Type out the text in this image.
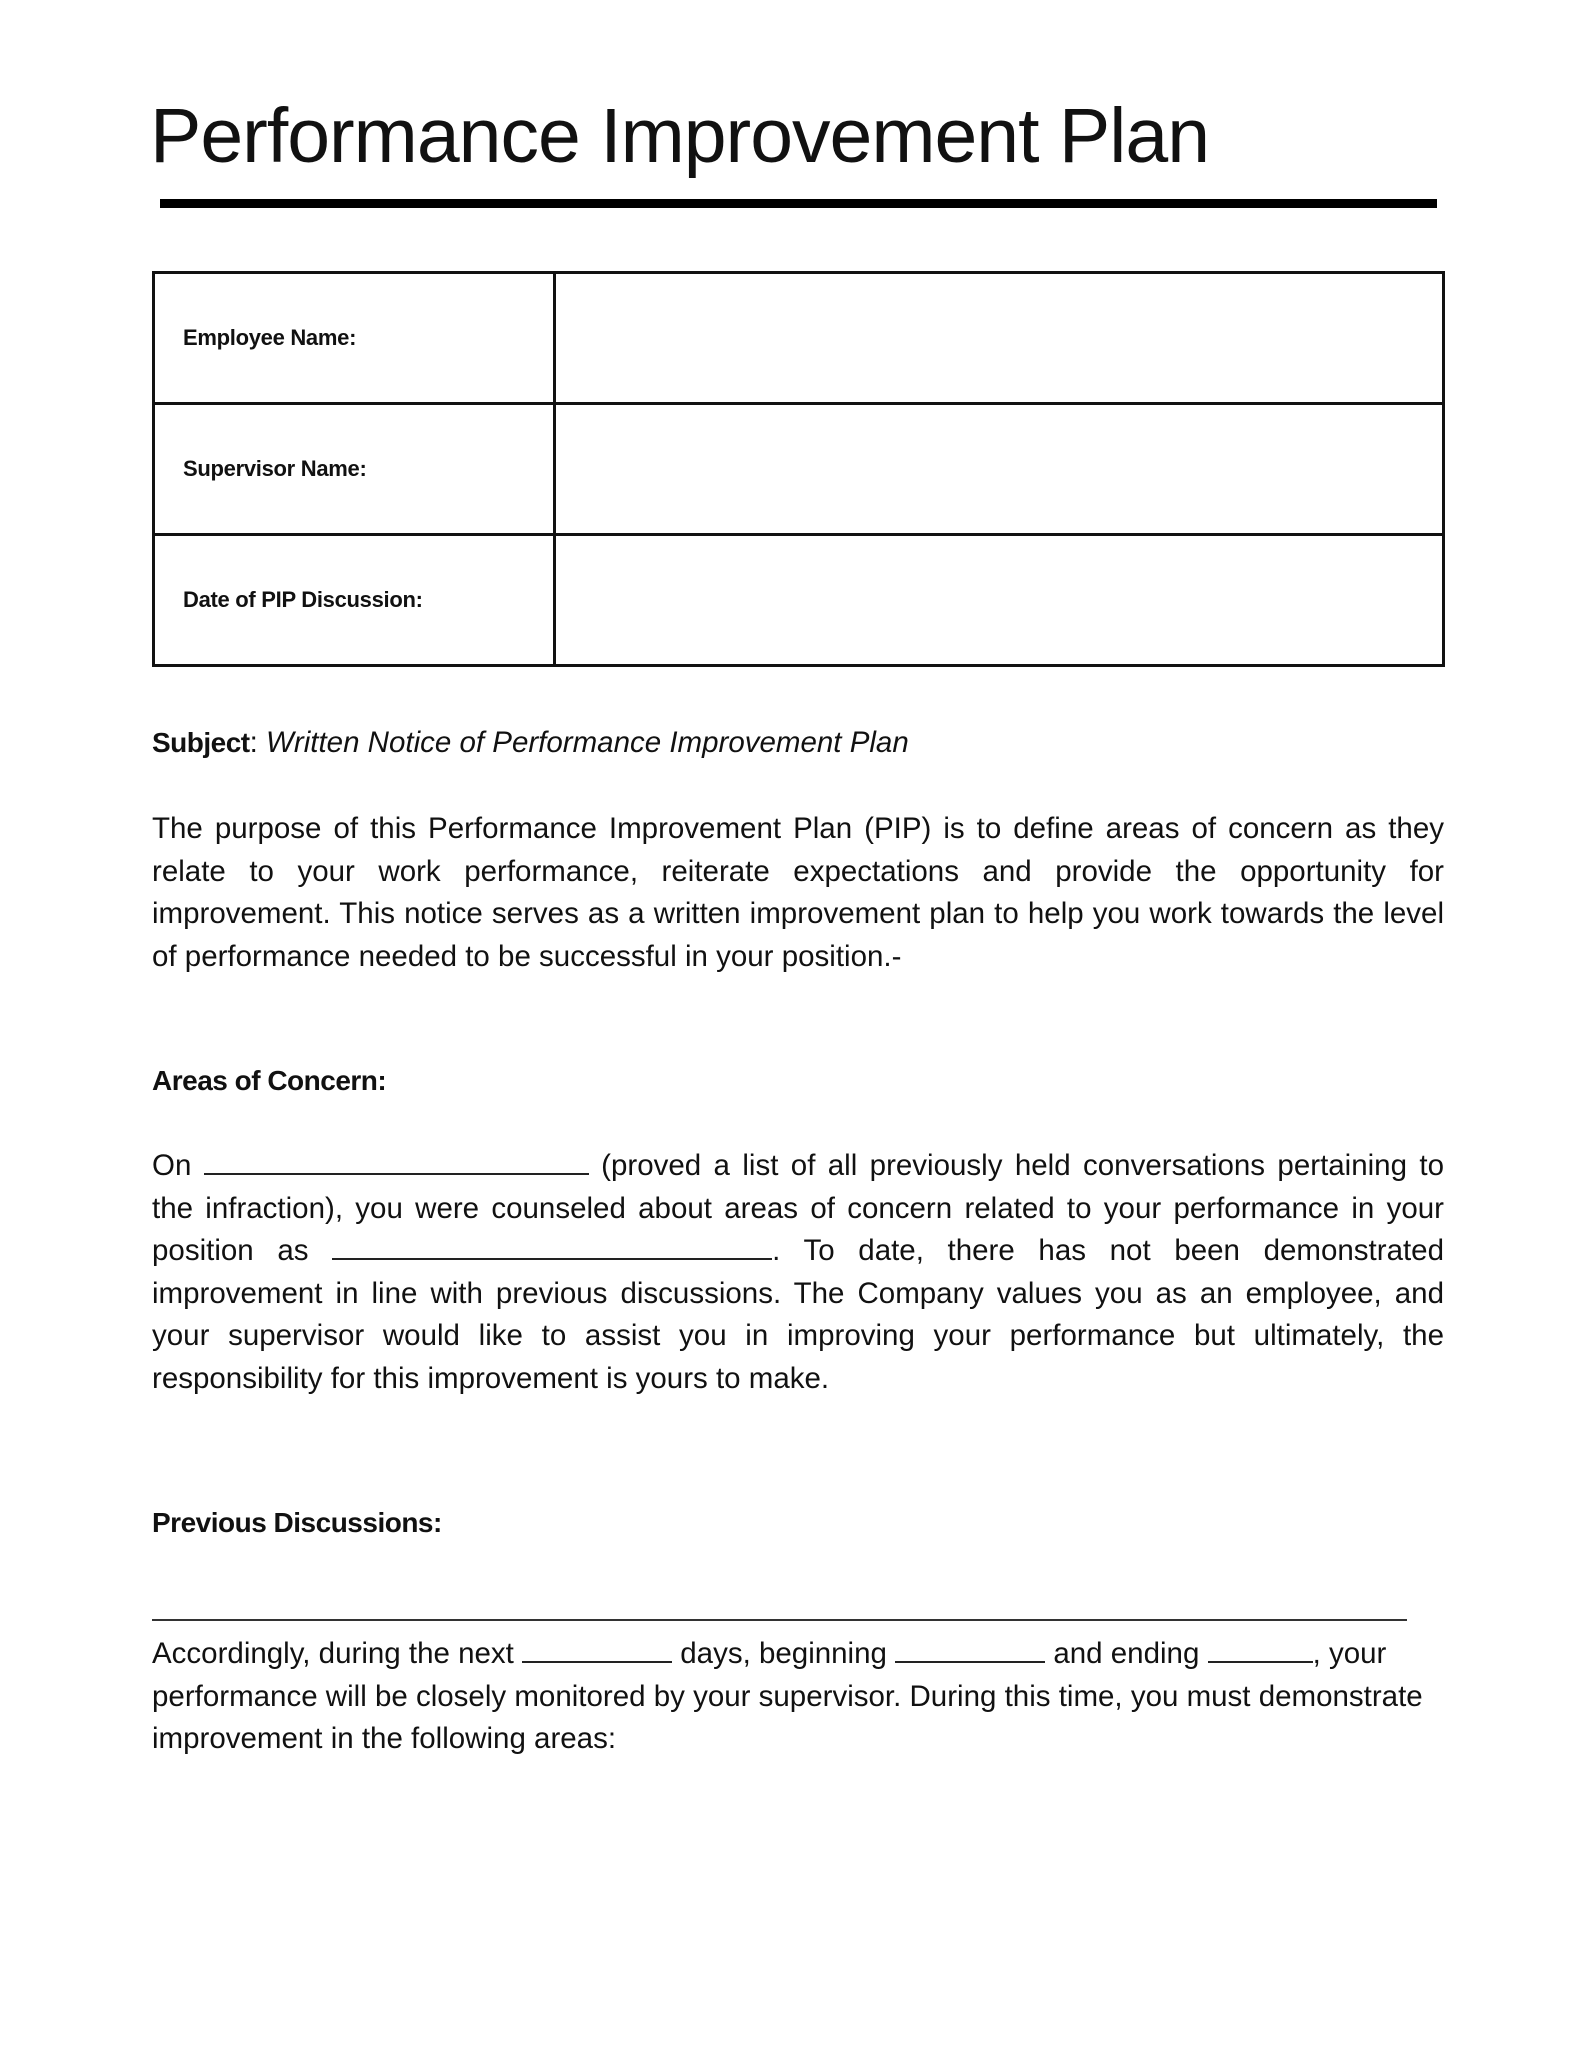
Performance Improvement Plan
Employee Name:	
Supervisor Name:	
Date of PIP Discussion:	
Subject: Written Notice of Performance Improvement Plan
The purpose of this Performance Improvement Plan (PIP) is to define areas of concern as they relate to your work performance, reiterate expectations and provide the opportunity for improvement. This notice serves as a written improvement plan to help you work towards the level of performance needed to be successful in your position.-
Areas of Concern:
On	(proved a list of all previously held conversations pertaining to the infraction), you were counseled about areas of concern related to your performance in your position as	. To date, there has not been demonstrated improvement in line with previous discussions. The Company values you as an employee, and your supervisor would like to assist you in improving your performance but ultimately, the responsibility for this improvement is yours to make.
Previous Discussions:
Accordingly, during the next	days, beginning	and ending	, your performance will be closely monitored by your supervisor. During this time, you must demonstrate improvement in the following areas:
